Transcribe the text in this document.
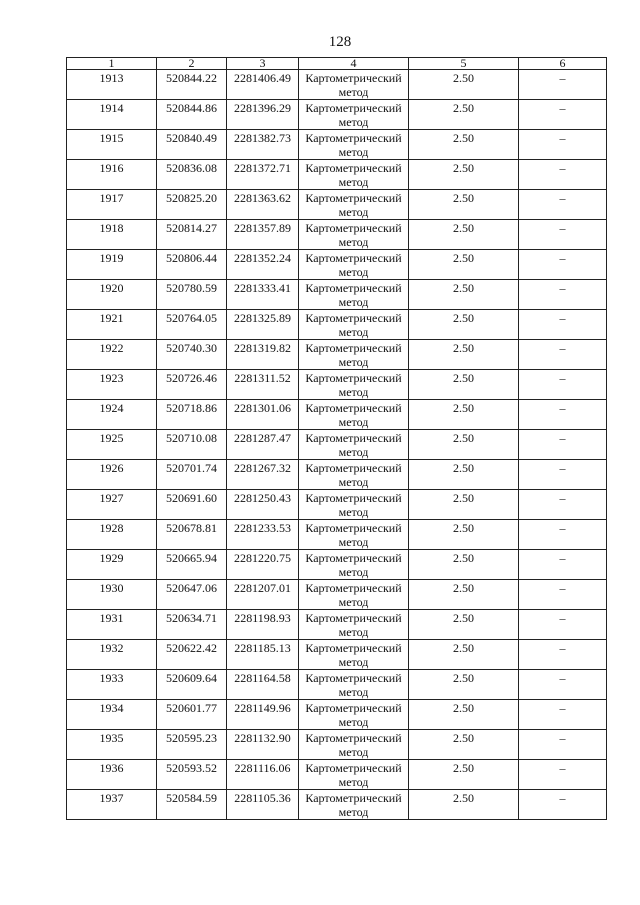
128
1	2	3	4	5	6
1913	520844.22	2281406.49	Картометрический метод	2.50	–
1914	520844.86	2281396.29	Картометрический метод	2.50	–
1915	520840.49	2281382.73	Картометрический метод	2.50	–
1916	520836.08	2281372.71	Картометрический метод	2.50	–
1917	520825.20	2281363.62	Картометрический метод	2.50	–
1918	520814.27	2281357.89	Картометрический метод	2.50	–
1919	520806.44	2281352.24	Картометрический метод	2.50	–
1920	520780.59	2281333.41	Картометрический метод	2.50	–
1921	520764.05	2281325.89	Картометрический метод	2.50	–
1922	520740.30	2281319.82	Картометрический метод	2.50	–
1923	520726.46	2281311.52	Картометрический метод	2.50	–
1924	520718.86	2281301.06	Картометрический метод	2.50	–
1925	520710.08	2281287.47	Картометрический метод	2.50	–
1926	520701.74	2281267.32	Картометрический метод	2.50	–
1927	520691.60	2281250.43	Картометрический метод	2.50	–
1928	520678.81	2281233.53	Картометрический метод	2.50	–
1929	520665.94	2281220.75	Картометрический метод	2.50	–
1930	520647.06	2281207.01	Картометрический метод	2.50	–
1931	520634.71	2281198.93	Картометрический метод	2.50	–
1932	520622.42	2281185.13	Картометрический метод	2.50	–
1933	520609.64	2281164.58	Картометрический метод	2.50	–
1934	520601.77	2281149.96	Картометрический метод	2.50	–
1935	520595.23	2281132.90	Картометрический метод	2.50	–
1936	520593.52	2281116.06	Картометрический метод	2.50	–
1937	520584.59	2281105.36	Картометрический метод	2.50	–
